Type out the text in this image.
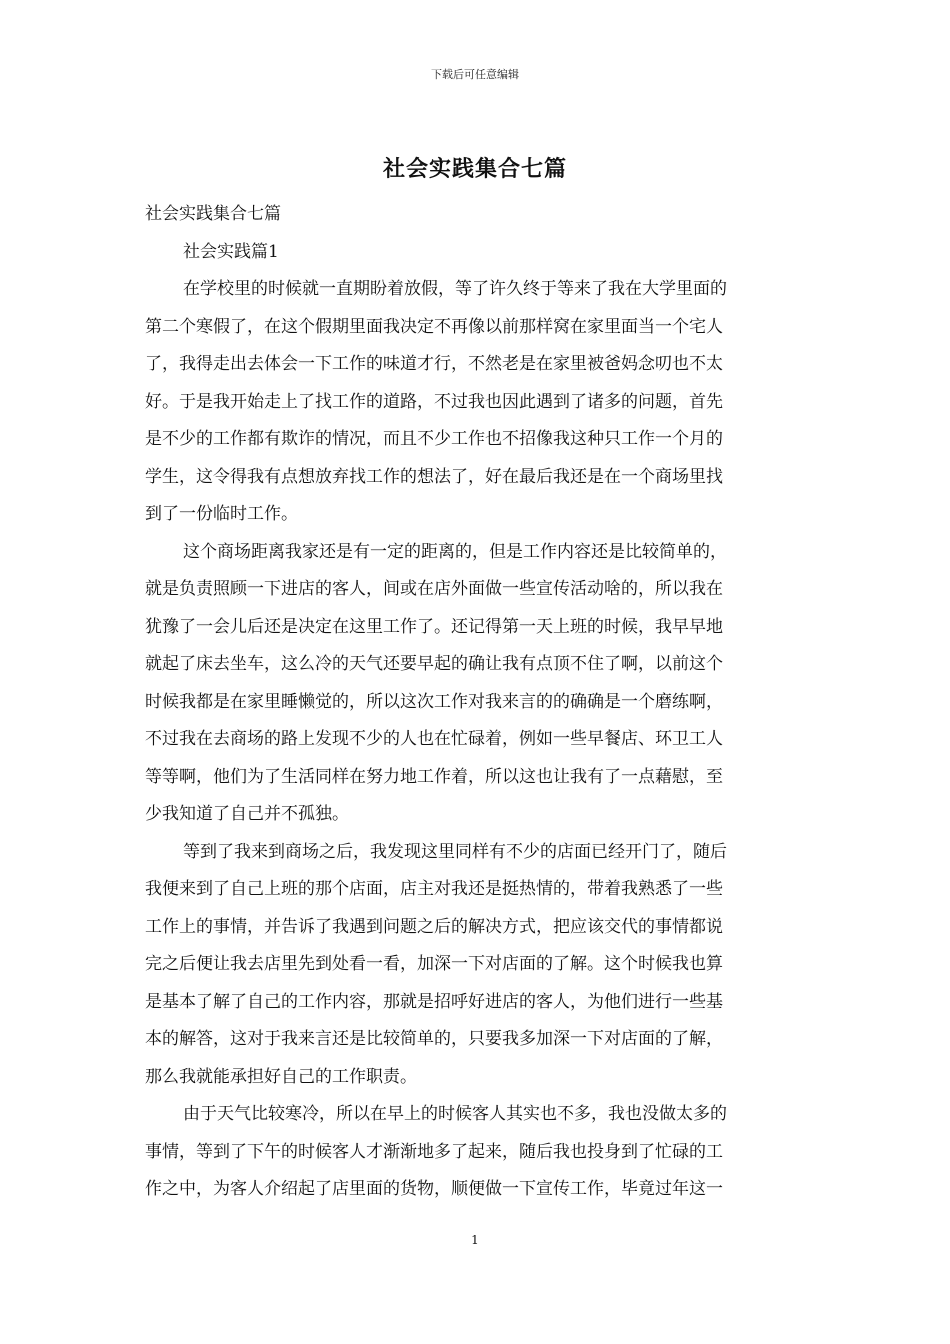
下载后可任意编辑
社会实践集合七篇
社会实践集合七篇
社会实践篇1
在学校里的时候就一直期盼着放假，等了许久终于等来了我在大学里面的
第二个寒假了，在这个假期里面我决定不再像以前那样窝在家里面当一个宅人
了，我得走出去体会一下工作的味道才行，不然老是在家里被爸妈念叨也不太
好。于是我开始走上了找工作的道路，不过我也因此遇到了诸多的问题，首先
是不少的工作都有欺诈的情况，而且不少工作也不招像我这种只工作一个月的
学生，这令得我有点想放弃找工作的想法了，好在最后我还是在一个商场里找
到了一份临时工作。
这个商场距离我家还是有一定的距离的，但是工作内容还是比较简单的，
就是负责照顾一下进店的客人，间或在店外面做一些宣传活动啥的，所以我在
犹豫了一会儿后还是决定在这里工作了。还记得第一天上班的时候，我早早地
就起了床去坐车，这么冷的天气还要早起的确让我有点顶不住了啊，以前这个
时候我都是在家里睡懒觉的，所以这次工作对我来言的的确确是一个磨练啊，
不过我在去商场的路上发现不少的人也在忙碌着，例如一些早餐店、环卫工人
等等啊，他们为了生活同样在努力地工作着，所以这也让我有了一点藉慰，至
少我知道了自己并不孤独。
等到了我来到商场之后，我发现这里同样有不少的店面已经开门了，随后
我便来到了自己上班的那个店面，店主对我还是挺热情的，带着我熟悉了一些
工作上的事情，并告诉了我遇到问题之后的解决方式，把应该交代的事情都说
完之后便让我去店里先到处看一看，加深一下对店面的了解。这个时候我也算
是基本了解了自己的工作内容，那就是招呼好进店的客人，为他们进行一些基
本的解答，这对于我来言还是比较简单的，只要我多加深一下对店面的了解，
那么我就能承担好自己的工作职责。
由于天气比较寒冷，所以在早上的时候客人其实也不多，我也没做太多的
事情，等到了下午的时候客人才渐渐地多了起来，随后我也投身到了忙碌的工
作之中，为客人介绍起了店里面的货物，顺便做一下宣传工作，毕竟过年这一
1
